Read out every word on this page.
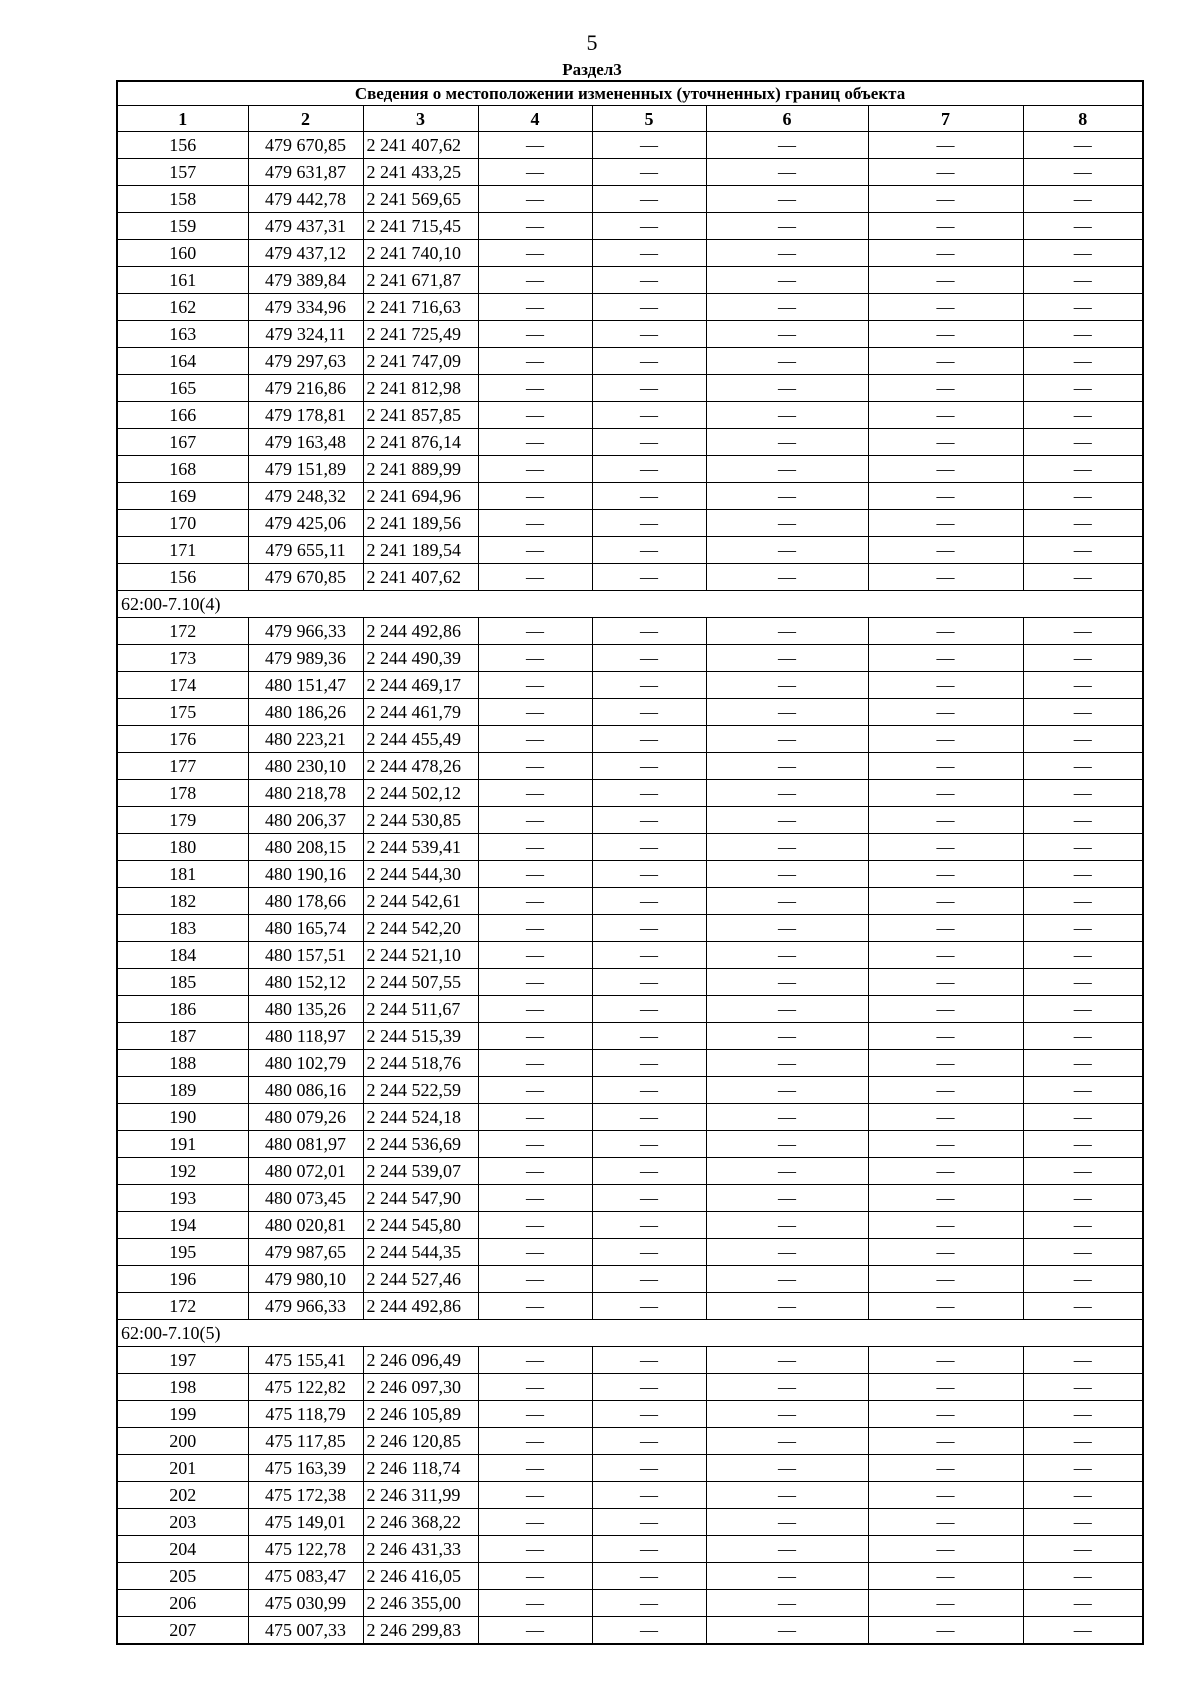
5
Раздел3
Сведения о местоположении измененных (уточненных) границ объекта							
1	2	3	4	5	6	7	8
156	479 670,85	2 241 407,62	—	—	—	—	—
157	479 631,87	2 241 433,25	—	—	—	—	—
158	479 442,78	2 241 569,65	—	—	—	—	—
159	479 437,31	2 241 715,45	—	—	—	—	—
160	479 437,12	2 241 740,10	—	—	—	—	—
161	479 389,84	2 241 671,87	—	—	—	—	—
162	479 334,96	2 241 716,63	—	—	—	—	—
163	479 324,11	2 241 725,49	—	—	—	—	—
164	479 297,63	2 241 747,09	—	—	—	—	—
165	479 216,86	2 241 812,98	—	—	—	—	—
166	479 178,81	2 241 857,85	—	—	—	—	—
167	479 163,48	2 241 876,14	—	—	—	—	—
168	479 151,89	2 241 889,99	—	—	—	—	—
169	479 248,32	2 241 694,96	—	—	—	—	—
170	479 425,06	2 241 189,56	—	—	—	—	—
171	479 655,11	2 241 189,54	—	—	—	—	—
156	479 670,85	2 241 407,62	—	—	—	—	—
62:00-7.10(4)							
172	479 966,33	2 244 492,86	—	—	—	—	—
173	479 989,36	2 244 490,39	—	—	—	—	—
174	480 151,47	2 244 469,17	—	—	—	—	—
175	480 186,26	2 244 461,79	—	—	—	—	—
176	480 223,21	2 244 455,49	—	—	—	—	—
177	480 230,10	2 244 478,26	—	—	—	—	—
178	480 218,78	2 244 502,12	—	—	—	—	—
179	480 206,37	2 244 530,85	—	—	—	—	—
180	480 208,15	2 244 539,41	—	—	—	—	—
181	480 190,16	2 244 544,30	—	—	—	—	—
182	480 178,66	2 244 542,61	—	—	—	—	—
183	480 165,74	2 244 542,20	—	—	—	—	—
184	480 157,51	2 244 521,10	—	—	—	—	—
185	480 152,12	2 244 507,55	—	—	—	—	—
186	480 135,26	2 244 511,67	—	—	—	—	—
187	480 118,97	2 244 515,39	—	—	—	—	—
188	480 102,79	2 244 518,76	—	—	—	—	—
189	480 086,16	2 244 522,59	—	—	—	—	—
190	480 079,26	2 244 524,18	—	—	—	—	—
191	480 081,97	2 244 536,69	—	—	—	—	—
192	480 072,01	2 244 539,07	—	—	—	—	—
193	480 073,45	2 244 547,90	—	—	—	—	—
194	480 020,81	2 244 545,80	—	—	—	—	—
195	479 987,65	2 244 544,35	—	—	—	—	—
196	479 980,10	2 244 527,46	—	—	—	—	—
172	479 966,33	2 244 492,86	—	—	—	—	—
62:00-7.10(5)							
197	475 155,41	2 246 096,49	—	—	—	—	—
198	475 122,82	2 246 097,30	—	—	—	—	—
199	475 118,79	2 246 105,89	—	—	—	—	—
200	475 117,85	2 246 120,85	—	—	—	—	—
201	475 163,39	2 246 118,74	—	—	—	—	—
202	475 172,38	2 246 311,99	—	—	—	—	—
203	475 149,01	2 246 368,22	—	—	—	—	—
204	475 122,78	2 246 431,33	—	—	—	—	—
205	475 083,47	2 246 416,05	—	—	—	—	—
206	475 030,99	2 246 355,00	—	—	—	—	—
207	475 007,33	2 246 299,83	—	—	—	—	—
